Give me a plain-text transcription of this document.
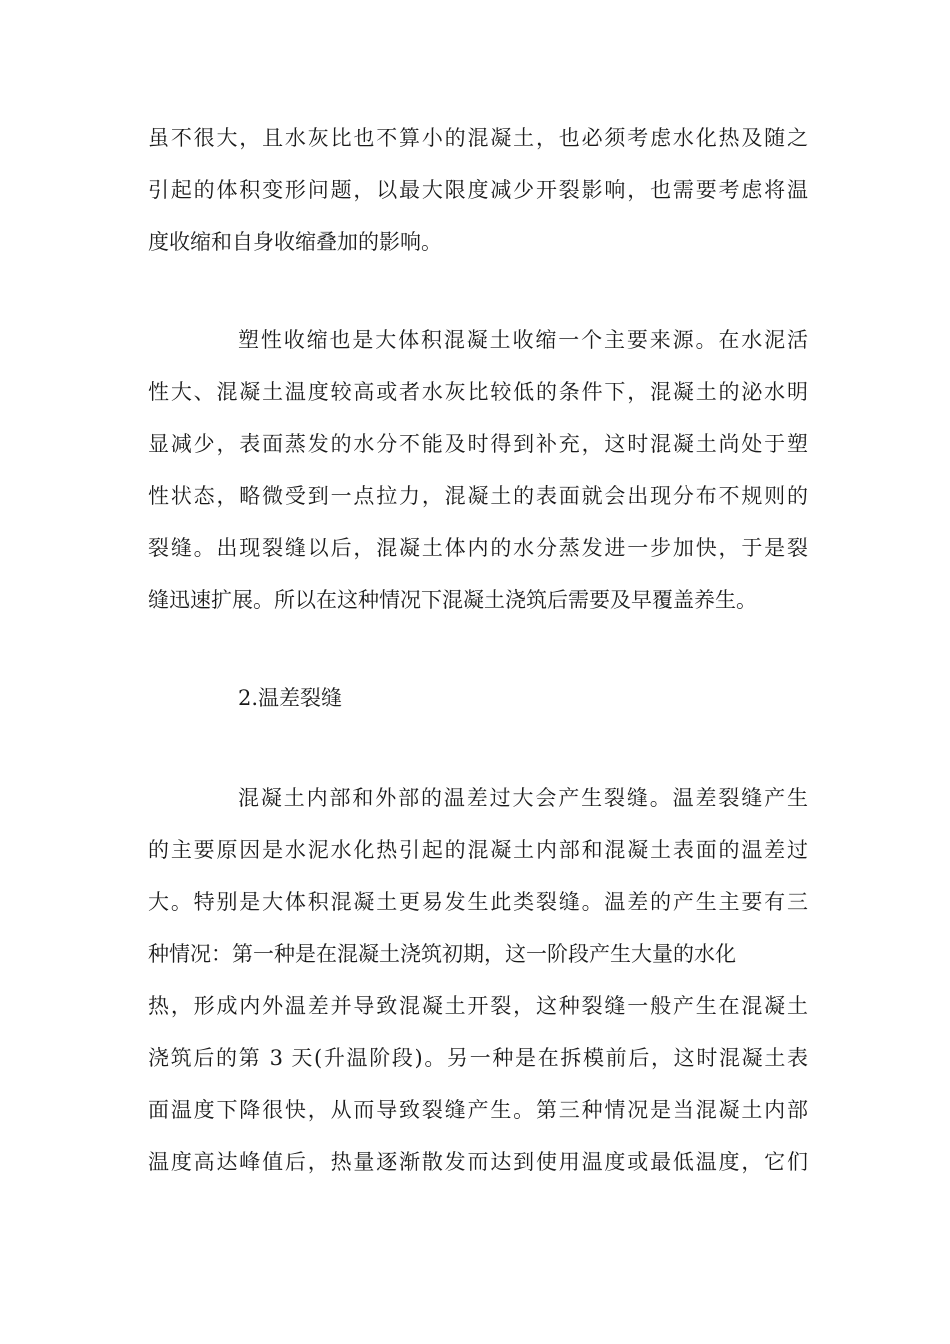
虽不很大，且水灰比也不算小的混凝土，也必须考虑水化热及随之
引起的体积变形问题，以最大限度减少开裂影响，也需要考虑将温
度收缩和自身收缩叠加的影响。
塑性收缩也是大体积混凝土收缩一个主要来源。在水泥活
性大、混凝土温度较高或者水灰比较低的条件下，混凝土的泌水明
显减少，表面蒸发的水分不能及时得到补充，这时混凝土尚处于塑
性状态，略微受到一点拉力，混凝土的表面就会出现分布不规则的
裂缝。出现裂缝以后，混凝土体内的水分蒸发进一步加快，于是裂
缝迅速扩展。所以在这种情况下混凝土浇筑后需要及早覆盖养生。
2.温差裂缝
混凝土内部和外部的温差过大会产生裂缝。温差裂缝产生
的主要原因是水泥水化热引起的混凝土内部和混凝土表面的温差过
大。特别是大体积混凝土更易发生此类裂缝。温差的产生主要有三
种情况：第一种是在混凝土浇筑初期，这一阶段产生大量的水化
热，形成内外温差并导致混凝土开裂，这种裂缝一般产生在混凝土
浇筑后的第 3 天(升温阶段)。另一种是在拆模前后，这时混凝土表
面温度下降很快，从而导致裂缝产生。第三种情况是当混凝土内部
温度高达峰值后，热量逐渐散发而达到使用温度或最低温度，它们
